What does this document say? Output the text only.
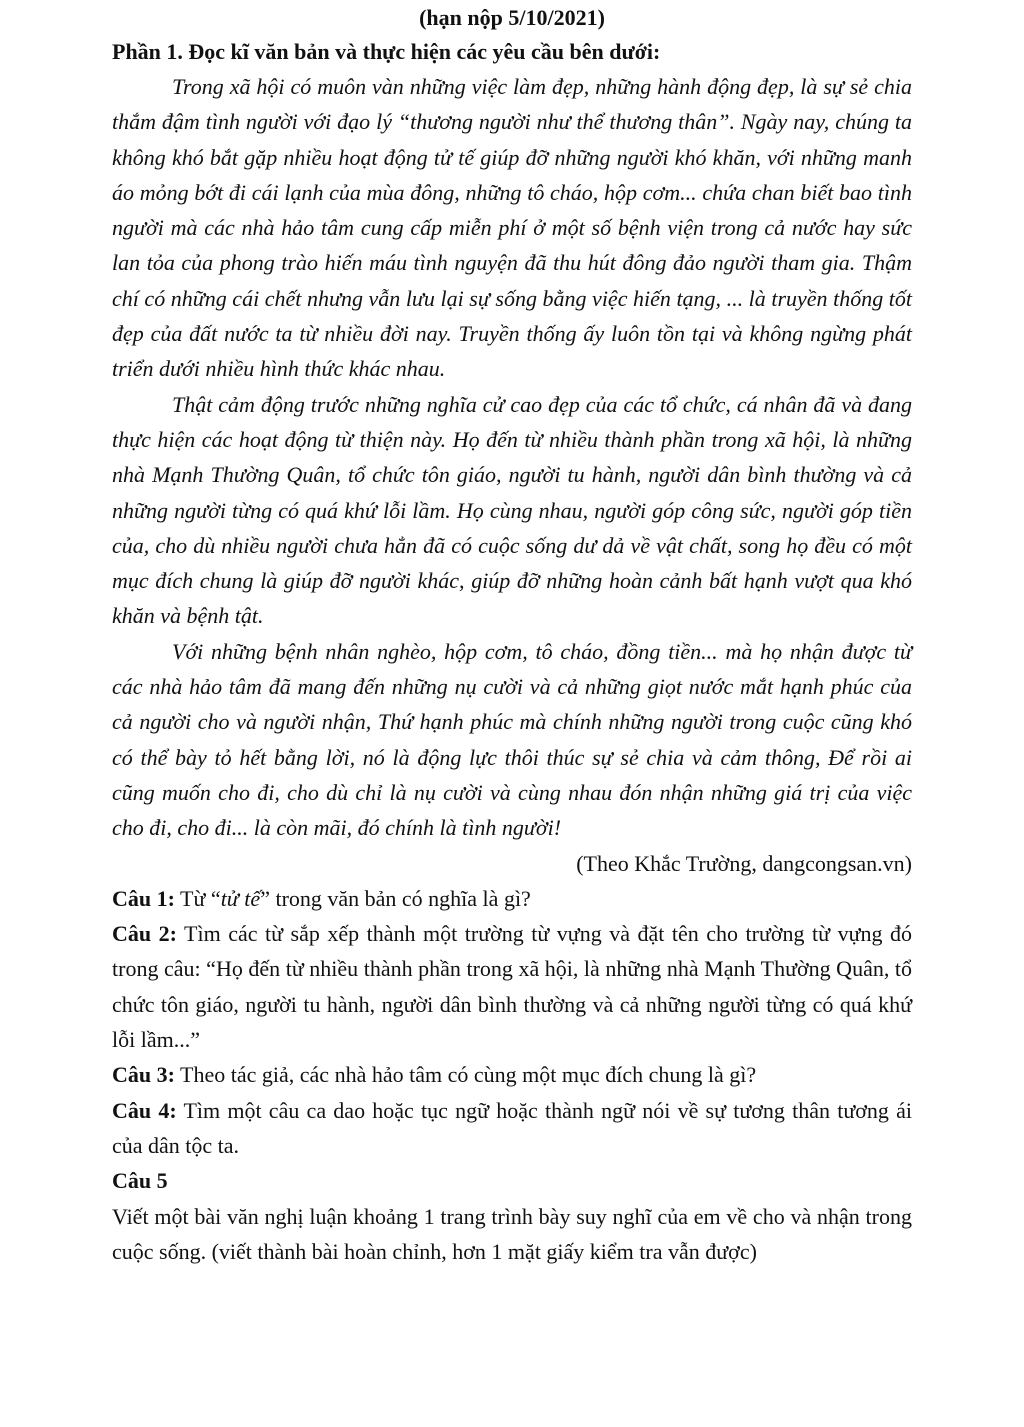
(hạn nộp 5/10/2021)

Phần 1. Đọc kĩ văn bản và thực hiện các yêu cầu bên dưới:

Trong xã hội có muôn vàn những việc làm đẹp, những hành động đẹp, là sự sẻ chia thắm đậm tình người với đạo lý “thương người như thể thương thân”. Ngày nay, chúng ta không khó bắt gặp nhiều hoạt động tử tế giúp đỡ những người khó khăn, với những manh áo mỏng bớt đi cái lạnh của mùa đông, những tô cháo, hộp cơm... chứa chan biết bao tình người mà các nhà hảo tâm cung cấp miễn phí ở một số bệnh viện trong cả nước hay sức lan tỏa của phong trào hiến máu tình nguyện đã thu hút đông đảo người tham gia. Thậm chí có những cái chết nhưng vẫn lưu lại sự sống bằng việc hiến tạng, ... là truyền thống tốt đẹp của đất nước ta từ nhiều đời nay. Truyền thống ấy luôn tồn tại và không ngừng phát triển dưới nhiều hình thức khác nhau.

Thật cảm động trước những nghĩa cử cao đẹp của các tổ chức, cá nhân đã và đang thực hiện các hoạt động từ thiện này. Họ đến từ nhiều thành phần trong xã hội, là những nhà Mạnh Thường Quân, tổ chức tôn giáo, người tu hành, người dân bình thường và cả những người từng có quá khứ lỗi lầm. Họ cùng nhau, người góp công sức, người góp tiền của, cho dù nhiều người chưa hẳn đã có cuộc sống dư dả về vật chất, song họ đều có một mục đích chung là giúp đỡ người khác, giúp đỡ những hoàn cảnh bất hạnh vượt qua khó khăn và bệnh tật.

Với những bệnh nhân nghèo, hộp cơm, tô cháo, đồng tiền... mà họ nhận được từ các nhà hảo tâm đã mang đến những nụ cười và cả những giọt nước mắt hạnh phúc của cả người cho và người nhận, Thứ hạnh phúc mà chính những người trong cuộc cũng khó có thể bày tỏ hết bằng lời, nó là động lực thôi thúc sự sẻ chia và cảm thông, Để rồi ai cũng muốn cho đi, cho dù chỉ là nụ cười và cùng nhau đón nhận những giá trị của việc cho đi, cho đi... là còn mãi, đó chính là tình người!

(Theo Khắc Trường, dangcongsan.vn)

Câu 1: Từ “tử tế” trong văn bản có nghĩa là gì?

Câu 2: Tìm các từ sắp xếp thành một trường từ vựng và đặt tên cho trường từ vựng đó trong câu: “Họ đến từ nhiều thành phần trong xã hội, là những nhà Mạnh Thường Quân, tổ chức tôn giáo, người tu hành, người dân bình thường và cả những người từng có quá khứ lỗi lầm...”

Câu 3: Theo tác giả, các nhà hảo tâm có cùng một mục đích chung là gì?

Câu 4: Tìm một câu ca dao hoặc tục ngữ hoặc thành ngữ nói về sự tương thân tương ái của dân tộc ta.

Câu 5

Viết một bài văn nghị luận khoảng 1 trang trình bày suy nghĩ của em về cho và nhận trong cuộc sống. (viết thành bài hoàn chỉnh, hơn 1 mặt giấy kiểm tra vẫn được)
